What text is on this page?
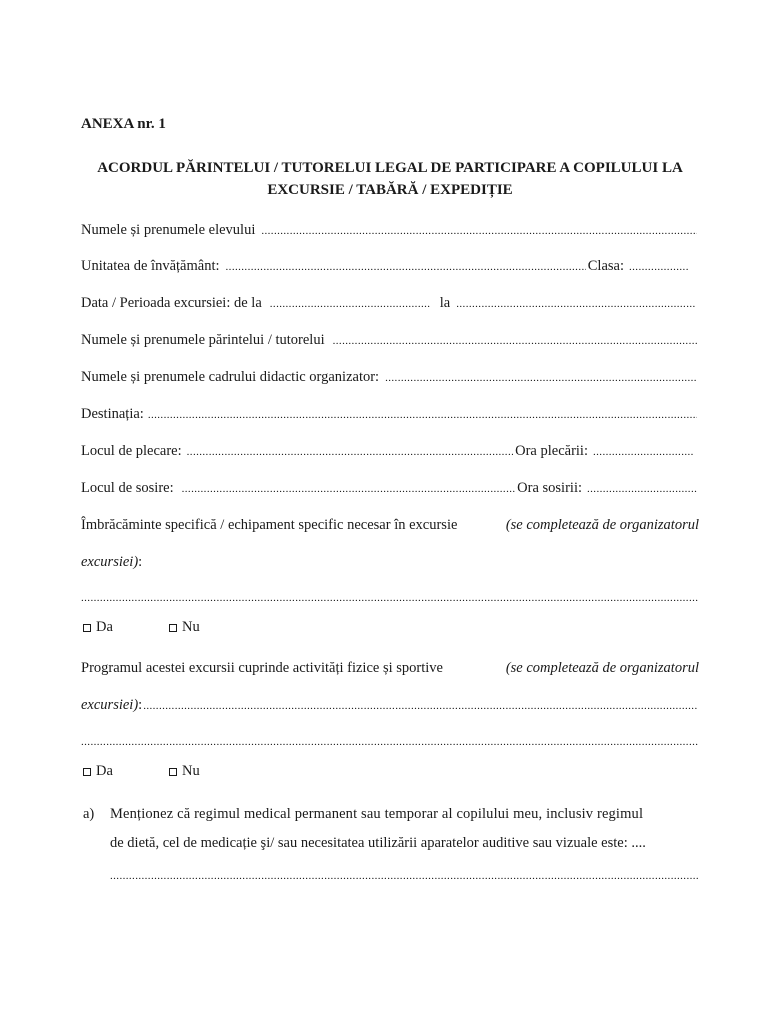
ANEXA nr. 1
ACORDUL PĂRINTELUI / TUTORELUI LEGAL DE PARTICIPARE A COPILULUI LA
EXCURSIE / TABĂRĂ / EXPEDIȚIE
Numele și prenumele elevului
.....
Unitatea de învățământ: .....	Clasa:
.....
Data / Perioada excursiei: de la .....	la
.....
Numele și prenumele părintelui / tutorelui
.....
Numele și prenumele cadrului didactic organizator:
.....
Destinația:
.....
Locul de plecare: .....	Ora plecării:
.....
Locul de sosire: .....	Ora sosirii:
.....
Îmbrăcăminte specifică / echipament specific necesar în excursie	(se completează de organizatorul
excursiei):
.....
Da	Nu
Programul acestei excursii cuprinde activități fizice și sportive	(se completează de organizatorul
excursiei) :
.....
.....
Da	Nu
a)	Menționez că regimul medical permanent sau temporar al copilului meu, inclusiv regimul
de dietă, cel de medicație şi/ sau necesitatea utilizării aparatelor auditive sau vizuale este: ....
.....
